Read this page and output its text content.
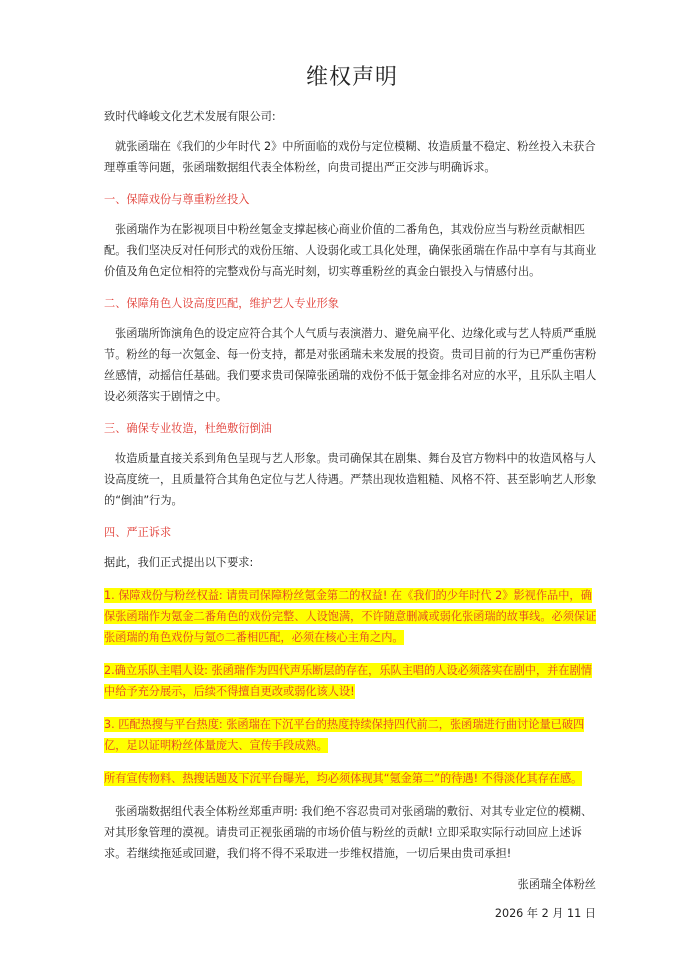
维权声明

致时代峰峻文化艺术发展有限公司:

就张函瑞在《我们的少年时代 2》中所面临的戏份与定位模糊、妆造质量不稳定、粉丝投入未获合理尊重等问题，张函瑞数据组代表全体粉丝，向贵司提出严正交涉与明确诉求。

一、保障戏份与尊重粉丝投入

张函瑞作为在影视项目中粉丝氪金支撑起核心商业价值的二番角色，其戏份应当与粉丝贡献相匹配。我们坚决反对任何形式的戏份压缩、人设弱化或工具化处理，确保张函瑞在作品中享有与其商业价值及角色定位相符的完整戏份与高光时刻，切实尊重粉丝的真金白银投入与情感付出。

二、保障角色人设高度匹配，维护艺人专业形象

张函瑞所饰演角色的设定应符合其个人气质与表演潜力、避免扁平化、边缘化或与艺人特质严重脱节。粉丝的每一次氪金、每一份支持，都是对张函瑞未来发展的投资。贵司目前的行为已严重伤害粉丝感情，动摇信任基础。我们要求贵司保障张函瑞的戏份不低于氪金排名对应的水平，且乐队主唱人设必须落实于剧情之中。

三、确保专业妆造，杜绝敷衍倒油

妆造质量直接关系到角色呈现与艺人形象。贵司确保其在剧集、舞台及官方物料中的妆造风格与人设高度统一，且质量符合其角色定位与艺人待遇。严禁出现妆造粗糙、风格不符、甚至影响艺人形象的“倒油”行为。

四、严正诉求

据此，我们正式提出以下要求:

1. 保障戏份与粉丝权益: 请贵司保障粉丝氪金第二的权益! 在《我们的少年时代 2》影视作品中，确保张函瑞作为氪金二番角色的戏份完整、人设饱满，不许随意删减或弱化张函瑞的故事线。必须保证张函瑞的角色戏份与氪⏱二番相匹配，必须在核心主角之内。

2.确立乐队主唱人设: 张函瑞作为四代声乐断层的存在，乐队主唱的人设必须落实在剧中，并在剧情中给予充分展示，后续不得擅自更改或弱化该人设!

3. 匹配热搜与平台热度: 张函瑞在下沉平台的热度持续保持四代前二，张函瑞进行曲讨论量已破四亿，足以证明粉丝体量庞大、宣传手段成熟。

所有宣传物料、热搜话题及下沉平台曝光，均必须体现其“氪金第二”的待遇! 不得淡化其存在感。

张函瑞数据组代表全体粉丝郑重声明: 我们绝不容忍贵司对张函瑞的敷衍、对其专业定位的模糊、对其形象管理的漠视。请贵司正视张函瑞的市场价值与粉丝的贡献! 立即采取实际行动回应上述诉求。若继续拖延或回避，我们将不得不采取进一步维权措施，一切后果由贵司承担!

张函瑞全体粉丝

2026 年 2 月 11 日
